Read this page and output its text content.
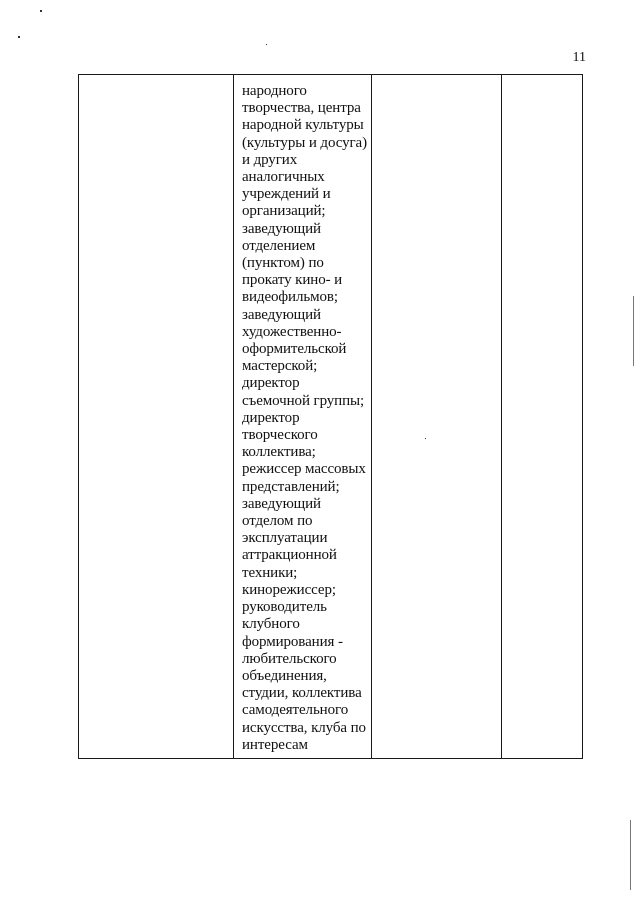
11

народного
творчества, центра
народной культуры
(культуры и досуга)
и других
аналогичных
учреждений и
организаций;
заведующий
отделением
(пунктом) по
прокату кино- и
видеофильмов;
заведующий
художественно-
оформительской
мастерской;
директор
съемочной группы;
директор
творческого
коллектива;
режиссер массовых
представлений;
заведующий
отделом по
эксплуатации
аттракционной
техники;
кинорежиссер;
руководитель
клубного
формирования -
любительского
объединения,
студии, коллектива
самодеятельного
искусства, клуба по
интересам
